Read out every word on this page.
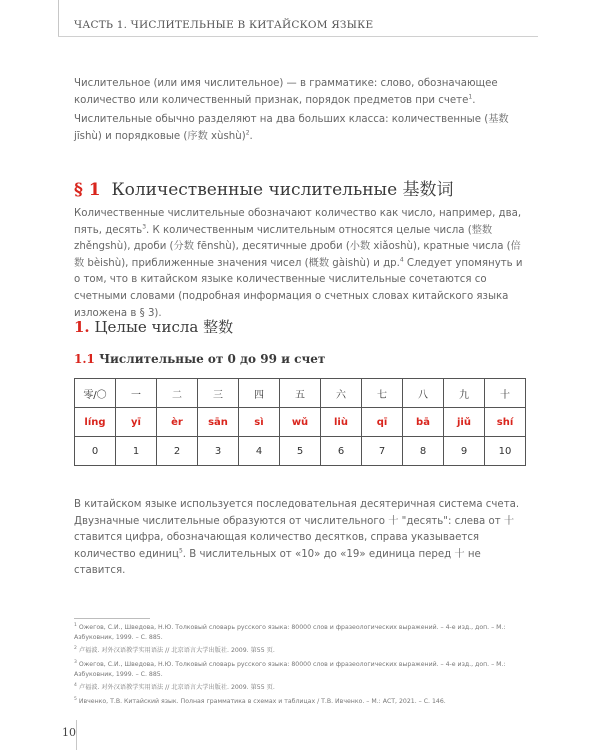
ЧАСТЬ 1. ЧИСЛИТЕЛЬНЫЕ В КИТАЙСКОМ ЯЗЫКЕ

Числительное (или имя числительное) — в грамматике: слово, обозначающее количество или количественный признак, порядок предметов при счете$^1$.

Числительные обычно разделяют на два больших класса: количественные (基数 jīshù) и порядковые (序数 xùshù)$^2$.

§ 1 Количественные числительные 基数词

Количественные числительные обозначают количество как число, например, два, пять, десять$^3$. К количественным числительным относятся целые числа (整数 zhěngshù), дроби (分数 fēnshù), десятичные дроби (小数 xiǎoshù), кратные числа (倍数 bèishù), приближенные значения чисел (概数 gàishù) и др.$^4$ Следует упомянуть и о том, что в китайском языке количественные числительные сочетаются со счетными словами (подробная информация о счетных словах китайского языка изложена в § 3).

1. Целые числа 整数
1.1 Числительные от 0 до 99 и счет
零/〇	一	二	三	四	五	六	七	八	九	十
líng	yī	èr	sān	sì	wǔ	liù	qī	bā	jiǔ	shí
0	1	2	3	4	5	6	7	8	9	10

В китайском языке используется последовательная десятеричная система счета. Двузначные числительные образуются от числительного 十 "десять": слева от 十 ставится цифра, обозначающая количество десятков, справа указывается количество единиц$^5$. В числительных от «10» до «19» единица перед 十 не ставится.

$^1$ Ожегов, С.И., Шведова, Н.Ю. Толковый словарь русского языка: 80000 слов и фразеологических выражений. – 4-е изд., доп. – М.: Азбуковник, 1999. – С. 885.

$^2$ 卢福波. 对外汉语教学实用语法 // 北京语言大学出版社. 2009. 第55 页.

$^3$ Ожегов, С.И., Шведова, Н.Ю. Толковый словарь русского языка: 80000 слов и фразеологических выражений. – 4-е изд., доп. – М.: Азбуковник, 1999. – С. 885.

$^4$ 卢福波. 对外汉语教学实用语法 // 北京语言大学出版社. 2009. 第55 页.

$^5$ Ивченко, Т.В. Китайский язык. Полная грамматика в схемах и таблицах / Т.В. Ивченко. – М.: АСТ, 2021. – С. 146.

10
